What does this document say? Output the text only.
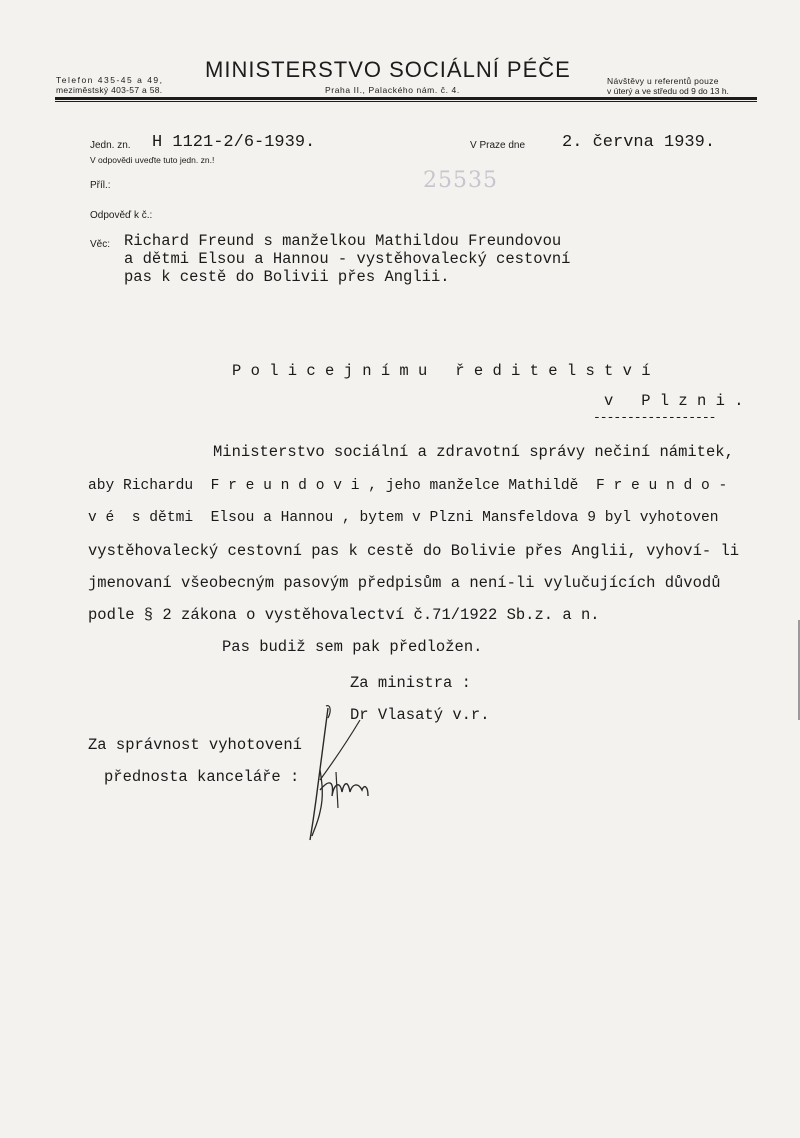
Telefon 435-45 a 49,
meziměstský 403-57 a 58.
MINISTERSTVO SOCIÁLNÍ PÉČE
Praha II., Palackého nám. č. 4.
Návštěvy u referentů pouze
v úterý a ve středu od 9 do 13 h.
Jedn. zn. H 1121-2/6-1939.
V odpovědi uveďte tuto jedn. zn.!
V Praze dne 2. června 1939.
Příl.:	25535
Odpověď k č.:
Věc: Richard Freund s manželkou Mathildou Freundovou
a dětmi Elsou a Hannou - vystěhovalecký cestovní
pas k cestě do Bolivii přes Anglii.
P o l i c e j n í m u   ř e d i t e l s t v í
v   P l z n i .
------------------
Ministerstvo sociální a zdravotní správy nečiní námitek,
aby Richardu  F r e u n d o v i , jeho manželce Mathildě  F r e u n d o -
v é  s dětmi  Elsou a Hannou , bytem v Plzni Mansfeldova 9 byl vyhotoven
vystěhovalecký cestovní pas k cestě do Bolivie přes Anglii, vyhoví- li
jmenovaní všeobecným pasovým předpisům a není-li vylučujících důvodů
podle § 2 zákona o vystěhovalectví č.71/1922 Sb.z. a n.
Pas budiž sem pak předložen.
Za ministra :
Dr Vlasatý v.r.
Za správnost vyhotovení
přednosta kanceláře :
